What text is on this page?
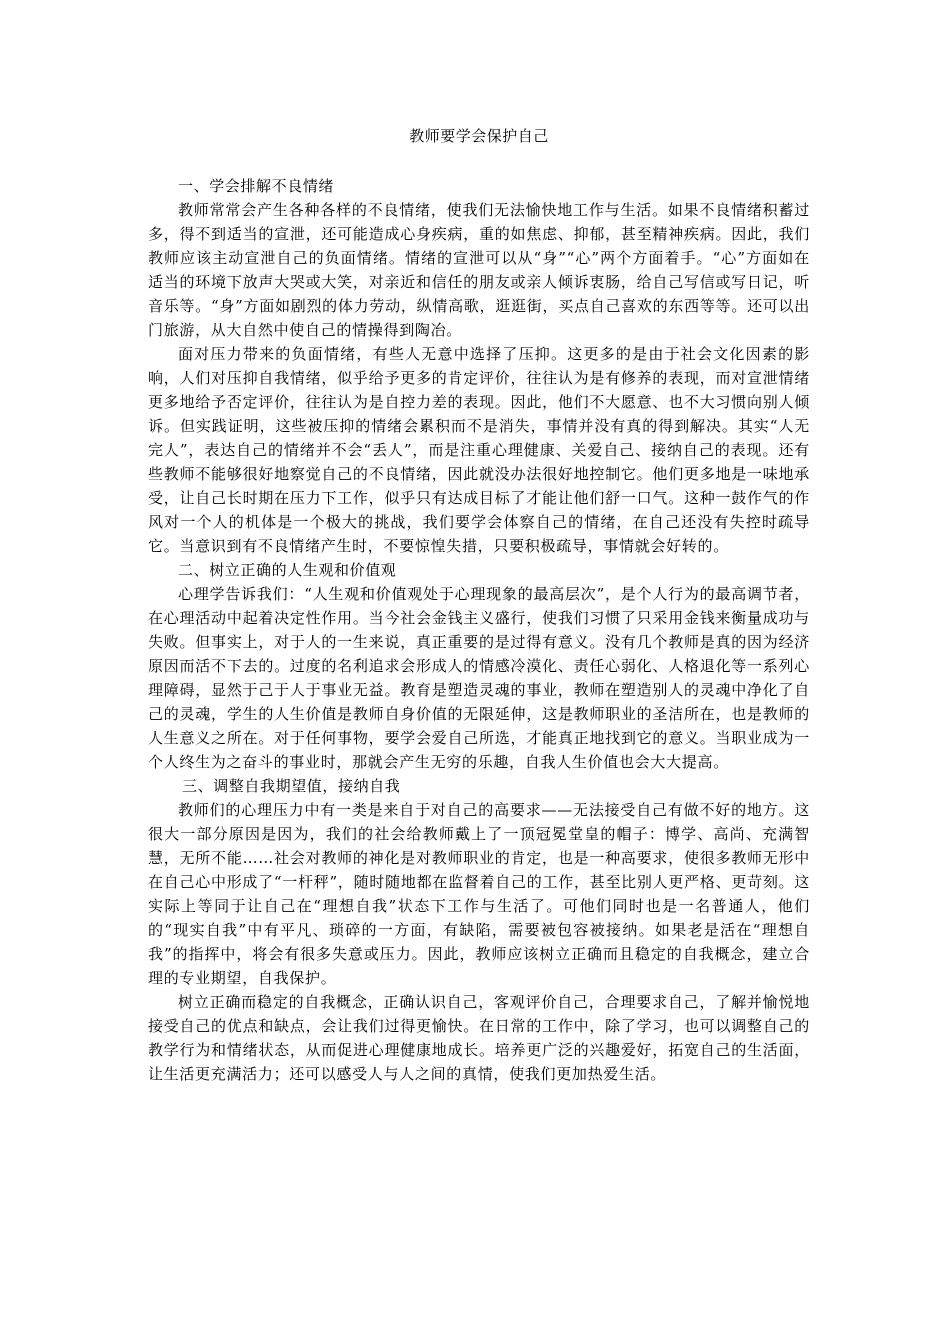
教师要学会保护自己

一、学会排解不良情绪

教师常常会产生各种各样的不良情绪，使我们无法愉快地工作与生活。如果不良情绪积蓄过多，得不到适当的宣泄，还可能造成心身疾病，重的如焦虑、抑郁，甚至精神疾病。因此，我们教师应该主动宣泄自己的负面情绪。情绪的宣泄可以从“身”“心”两个方面着手。“心”方面如在适当的环境下放声大哭或大笑，对亲近和信任的朋友或亲人倾诉衷肠，给自己写信或写日记，听音乐等。“身”方面如剧烈的体力劳动，纵情高歌，逛逛街，买点自己喜欢的东西等等。还可以出门旅游，从大自然中使自己的情操得到陶冶。

面对压力带来的负面情绪，有些人无意中选择了压抑。这更多的是由于社会文化因素的影响，人们对压抑自我情绪，似乎给予更多的肯定评价，往往认为是有修养的表现，而对宣泄情绪更多地给予否定评价，往往认为是自控力差的表现。因此，他们不大愿意、也不大习惯向别人倾诉。但实践证明，这些被压抑的情绪会累积而不是消失，事情并没有真的得到解决。其实“人无完人”，表达自己的情绪并不会“丢人”，而是注重心理健康、关爱自己、接纳自己的表现。还有些教师不能够很好地察觉自己的不良情绪，因此就没办法很好地控制它。他们更多地是一味地承受，让自己长时期在压力下工作，似乎只有达成目标了才能让他们舒一口气。这种一鼓作气的作风对一个人的机体是一个极大的挑战，我们要学会体察自己的情绪，在自己还没有失控时疏导它。当意识到有不良情绪产生时，不要惊惶失措，只要积极疏导，事情就会好转的。

二、树立正确的人生观和价值观

心理学告诉我们：“人生观和价值观处于心理现象的最高层次”，是个人行为的最高调节者，在心理活动中起着决定性作用。当今社会金钱主义盛行，使我们习惯了只采用金钱来衡量成功与失败。但事实上，对于人的一生来说，真正重要的是过得有意义。没有几个教师是真的因为经济原因而活不下去的。过度的名利追求会形成人的情感冷漠化、责任心弱化、人格退化等一系列心理障碍，显然于己于人于事业无益。教育是塑造灵魂的事业，教师在塑造别人的灵魂中净化了自己的灵魂，学生的人生价值是教师自身价值的无限延伸，这是教师职业的圣洁所在，也是教师的人生意义之所在。对于任何事物，要学会爱自己所选，才能真正地找到它的意义。当职业成为一个人终生为之奋斗的事业时，那就会产生无穷的乐趣，自我人生价值也会大大提高。

三、调整自我期望值，接纳自我

教师们的心理压力中有一类是来自于对自己的高要求——无法接受自己有做不好的地方。这很大一部分原因是因为，我们的社会给教师戴上了一顶冠冕堂皇的帽子：博学、高尚、充满智慧，无所不能……社会对教师的神化是对教师职业的肯定，也是一种高要求，使很多教师无形中在自己心中形成了“一杆秤”，随时随地都在监督着自己的工作，甚至比别人更严格、更苛刻。这实际上等同于让自己在“理想自我”状态下工作与生活了。可他们同时也是一名普通人，他们的“现实自我”中有平凡、琐碎的一方面，有缺陷，需要被包容被接纳。如果老是活在“理想自我”的指挥中，将会有很多失意或压力。因此，教师应该树立正确而且稳定的自我概念，建立合理的专业期望，自我保护。

树立正确而稳定的自我概念，正确认识自己，客观评价自己，合理要求自己，了解并愉悦地接受自己的优点和缺点，会让我们过得更愉快。在日常的工作中，除了学习，也可以调整自己的教学行为和情绪状态，从而促进心理健康地成长。培养更广泛的兴趣爱好，拓宽自己的生活面，让生活更充满活力；还可以感受人与人之间的真情，使我们更加热爱生活。
